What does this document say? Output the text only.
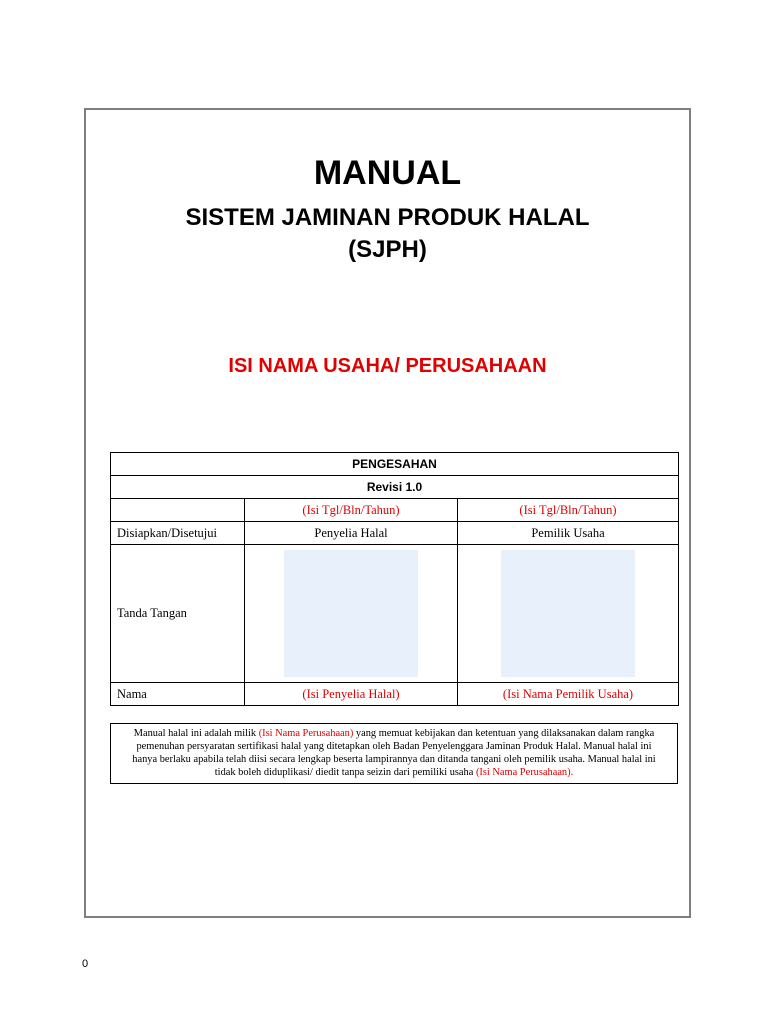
MANUAL
SISTEM JAMINAN PRODUK HALAL
(SJPH)
ISI NAMA USAHA/ PERUSAHAAN
PENGESAHAN		
Revisi 1.0		
	(Isi Tgl/Bln/Tahun)	(Isi Tgl/Bln/Tahun)
Disiapkan/Disetujui	Penyelia Halal	Pemilik Usaha
Tanda Tangan	

Nama	(Isi Penyelia Halal)	(Isi Nama Pemilik Usaha)
Manual halal ini adalah milik (Isi Nama Perusahaan) yang memuat kebijakan dan ketentuan yang dilaksanakan dalam rangka pemenuhan persyaratan sertifikasi halal yang ditetapkan oleh Badan Penyelenggara Jaminan Produk Halal. Manual halal ini hanya berlaku apabila telah diisi secara lengkap beserta lampirannya dan ditanda tangani oleh pemilik usaha. Manual halal ini tidak boleh diduplikasi/ diedit tanpa seizin dari pemiliki usaha (Isi Nama Perusahaan).
0
